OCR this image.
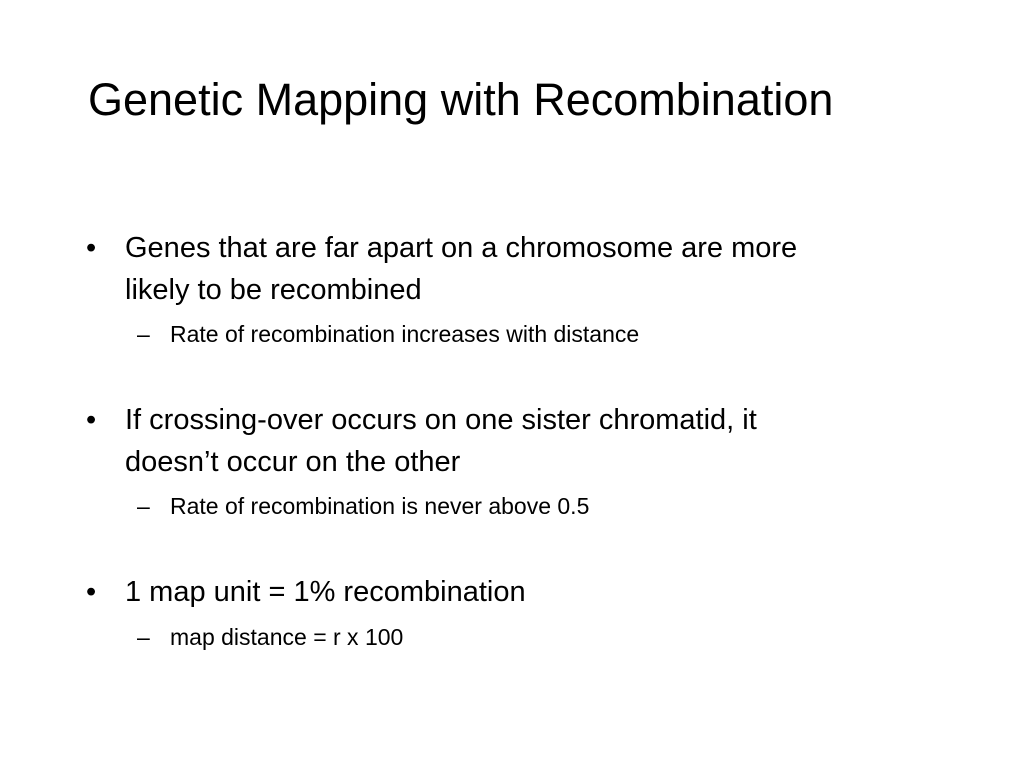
Genetic Mapping with Recombination
• Genes that are far apart on a chromosome are more
likely to be recombined
– Rate of recombination increases with distance
• If crossing-over occurs on one sister chromatid, it
doesn’t occur on the other
– Rate of recombination is never above 0.5
• 1 map unit = 1% recombination
– map distance = r x 100
